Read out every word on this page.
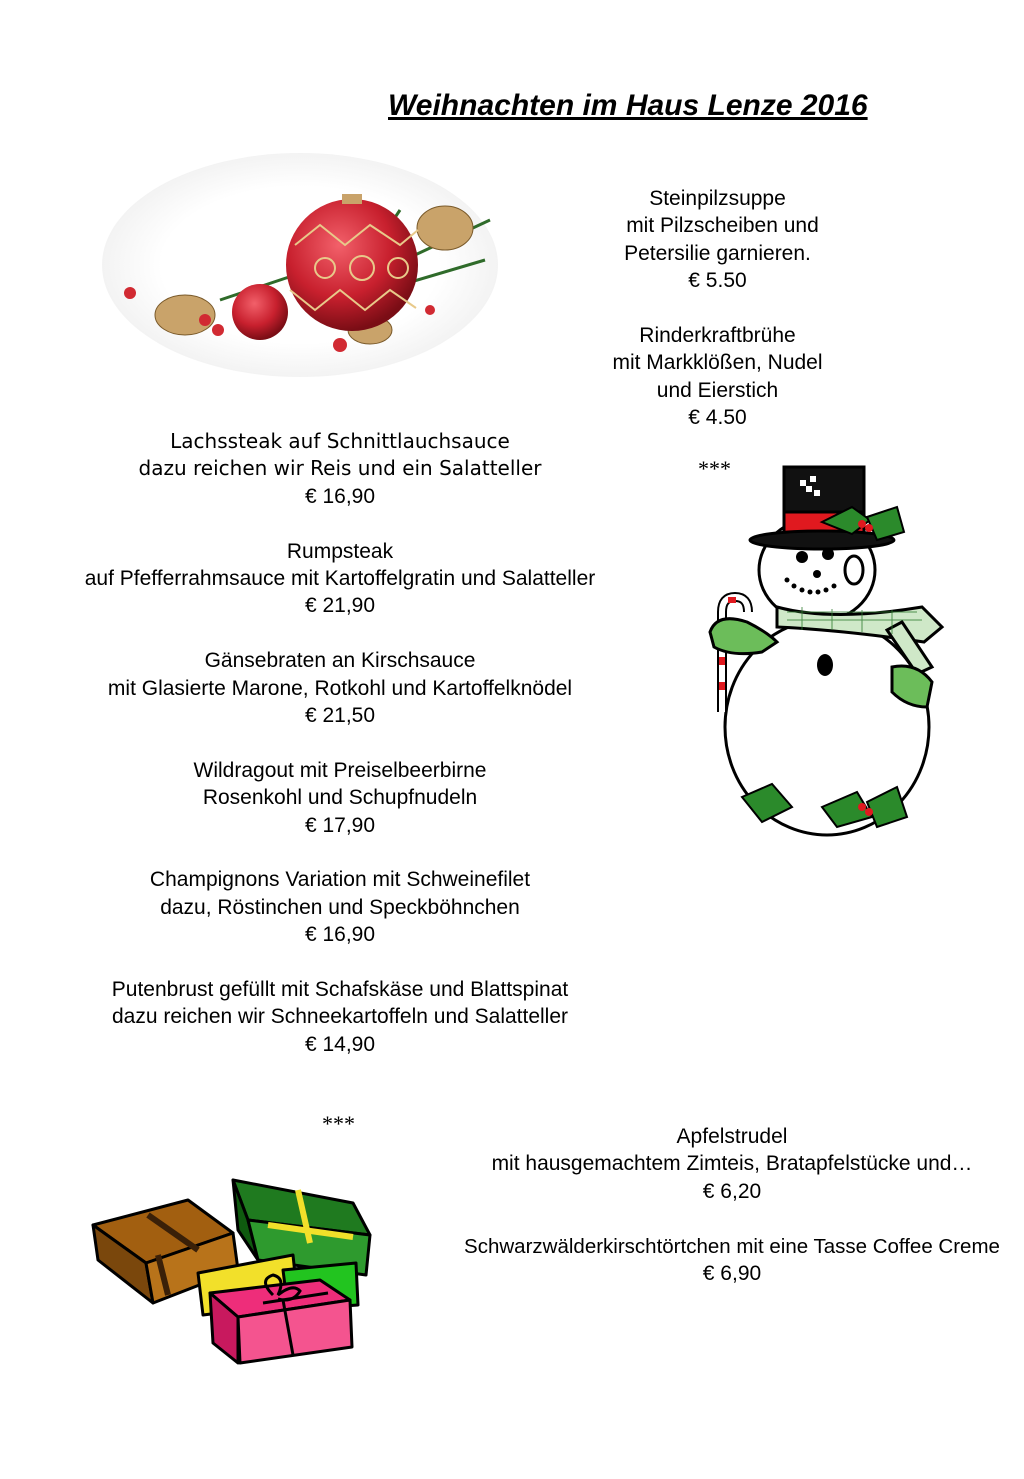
Weihnachten im Haus Lenze 2016
Steinpilzsuppe
mit Pilzscheiben und
Petersilie garnieren.
€ 5.50
Rinderkraftbrühe
mit Markklößen, Nudel
und Eierstich
€ 4.50
***
Lachssteak auf Schnittlauchsauce
dazu reichen wir Reis und ein Salatteller
€ 16,90
Rumpsteak
auf Pfefferrahmsauce mit Kartoffelgratin und Salatteller
€ 21,90
Gänsebraten an Kirschsauce
mit Glasierte Marone, Rotkohl und Kartoffelknödel
€ 21,50
Wildragout mit Preiselbeerbirne
Rosenkohl und Schupfnudeln
€ 17,90
Champignons Variation mit Schweinefilet
dazu, Röstinchen und Speckböhnchen
€ 16,90
Putenbrust gefüllt mit Schafskäse und Blattspinat
dazu reichen wir Schneekartoffeln und Salatteller
€ 14,90
***
Apfelstrudel
mit hausgemachtem Zimteis, Bratapfelstücke und…
€ 6,20
Schwarzwälderkirschtörtchen mit eine Tasse Coffee Creme
€ 6,90
